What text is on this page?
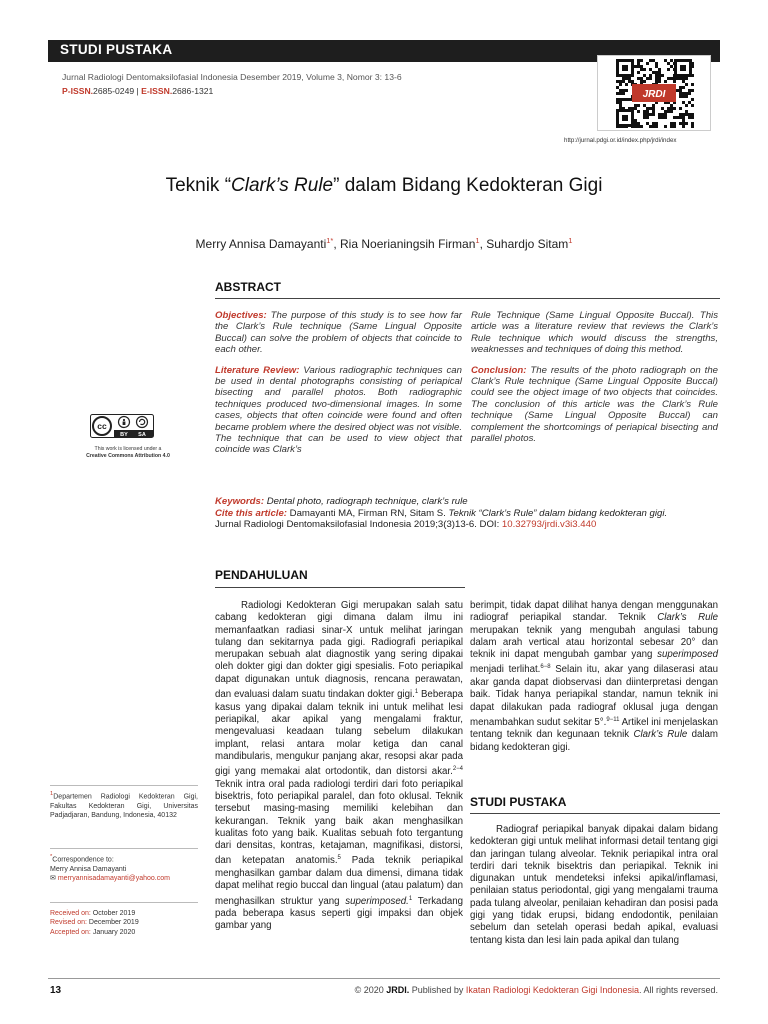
STUDI PUSTAKA
Jurnal Radiologi Dentomaksilofasial Indonesia Desember 2019, Volume 3, Nomor 3: 13-6
P-ISSN.2685-0249 | E-ISSN.2686-1321	JRDI
http://jurnal.pdgi.or.id/index.php/jrdi/index
Teknik “Clark’s Rule” dalam Bidang Kedokteran Gigi
Merry Annisa Damayanti$^{1*}$, Ria Noerianingsih Firman$^1$, Suhardjo Sitam$^1$
ABSTRACT

Objectives: The purpose of this study is to see how far the Clark’s Rule technique (Same Lingual Opposite Buccal) can solve the problem of objects that coincide to each other.

Literature Review: Various radiographic techniques can be used in dental photographs consisting of periapical bisecting and parallel photos. Both radiographic techniques produced two-dimensional images. In some cases, objects that often coincide were found and often became problem where the desired object was not visible. The technique that can be used to view object that coincide was Clark’s

Rule Technique (Same Lingual Opposite Buccal). This article was a literature review that reviews the Clark’s Rule technique which would discuss the strengths, weaknesses and techniques of doing this method.

Conclusion: The results of the photo radiograph on the Clark’s Rule technique (Same Lingual Opposite Buccal) could see the object image of two objects that coincides. The conclusion of this article was the Clark’s Rule technique (Same Lingual Opposite Buccal) can complement the shortcomings of periapical bisecting and parallel photos.

cc
BY SA
This work is licensed under a
Creative Commons Attribution 4.0
Keywords: Dental photo, radiograph technique, clark’s rule
Cite this article: Damayanti MA, Firman RN, Sitam S. Teknik “Clark’s Rule” dalam bidang kedokteran gigi.
Jurnal Radiologi Dentomaksilofasial Indonesia 2019;3(3)13-6. DOI: 10.32793/jrdi.v3i3.440
PENDAHULUAN

Radiologi Kedokteran Gigi merupakan salah satu cabang kedokteran gigi dimana dalam ilmu ini memanfaatkan radiasi sinar-X untuk melihat jaringan tulang dan sekitarnya pada gigi. Radiografi periapikal merupakan sebuah alat diagnostik yang sering dipakai oleh dokter gigi dan dokter gigi spesialis. Foto periapikal dapat digunakan untuk diagnosis, rencana perawatan, dan evaluasi dalam suatu tindakan dokter gigi.$^1$ Beberapa kasus yang dipakai dalam teknik ini untuk melihat lesi periapikal, akar apikal yang mengalami fraktur, mengevaluasi keadaan tulang sebelum dilakukan implant, relasi antara molar ketiga dan canal mandibularis, mengukur panjang akar, resopsi akar pada gigi yang memakai alat ortodontik, dan distorsi akar.$^{2-4}$ Teknik intra oral pada radiologi terdiri dari foto periapikal bisektris, foto periapikal paralel, dan foto oklusal. Teknik tersebut masing-masing memiliki kelebihan dan kekurangan. Teknik yang baik akan menghasilkan kualitas foto yang baik. Kualitas sebuah foto tergantung dari densitas, kontras, ketajaman, magnifikasi, distorsi, dan ketepatan anatomis.$^5$ Pada teknik periapikal menghasilkan gambar dalam dua dimensi, dimana tidak dapat melihat regio buccal dan lingual (atau palatum) dan menghasilkan struktur yang superimposed.$^1$ Terkadang pada beberapa kasus seperti gigi impaksi dan objek gambar yang

berimpit, tidak dapat dilihat hanya dengan menggunakan radiograf periapikal standar. Teknik Clark’s Rule merupakan teknik yang mengubah angulasi tabung dalam arah vertical atau horizontal sebesar 20° dan teknik ini dapat mengubah gambar yang superimposed menjadi terlihat.$^{6-8}$ Selain itu, akar yang dilaserasi atau akar ganda dapat diobservasi dan diinterpretasi dengan baik. Tidak hanya periapikal standar, namun teknik ini dapat dilakukan pada radiograf oklusal juga dengan menambahkan sudut sekitar 5°.$^{9-11}$ Artikel ini menjelaskan tentang teknik dan kegunaan teknik Clark’s Rule dalam bidang kedokteran gigi.

STUDI PUSTAKA

Radiograf periapikal banyak dipakai dalam bidang kedokteran gigi untuk melihat informasi detail tentang gigi dan jaringan tulang alveolar. Teknik periapikal intra oral terdiri dari teknik bisektris dan periapikal. Teknik ini digunakan untuk mendeteksi infeksi apikal/inflamasi, penilaian status periodontal, gigi yang mengalami trauma pada tulang alveolar, penilaian kehadiran dan posisi pada gigi yang tidak erupsi, bidang endodontik, penilaian sebelum dan setelah operasi bedah apikal, evaluasi tentang kista dan lesi lain pada apikal dan tulang

$^1$Departemen Radiologi Kedokteran Gigi, Fakultas Kedokteran Gigi, Universitas Padjadjaran, Bandung, Indonesia, 40132
*Correspondence to:
Merry Annisa Damayanti
✉ merryannisadamayanti@yahoo.com
Received on: October 2019
Revised on: December 2019
Accepted on: January 2020
13	© 2020 JRDI. Published by Ikatan Radiologi Kedokteran Gigi Indonesia. All rights reversed.
